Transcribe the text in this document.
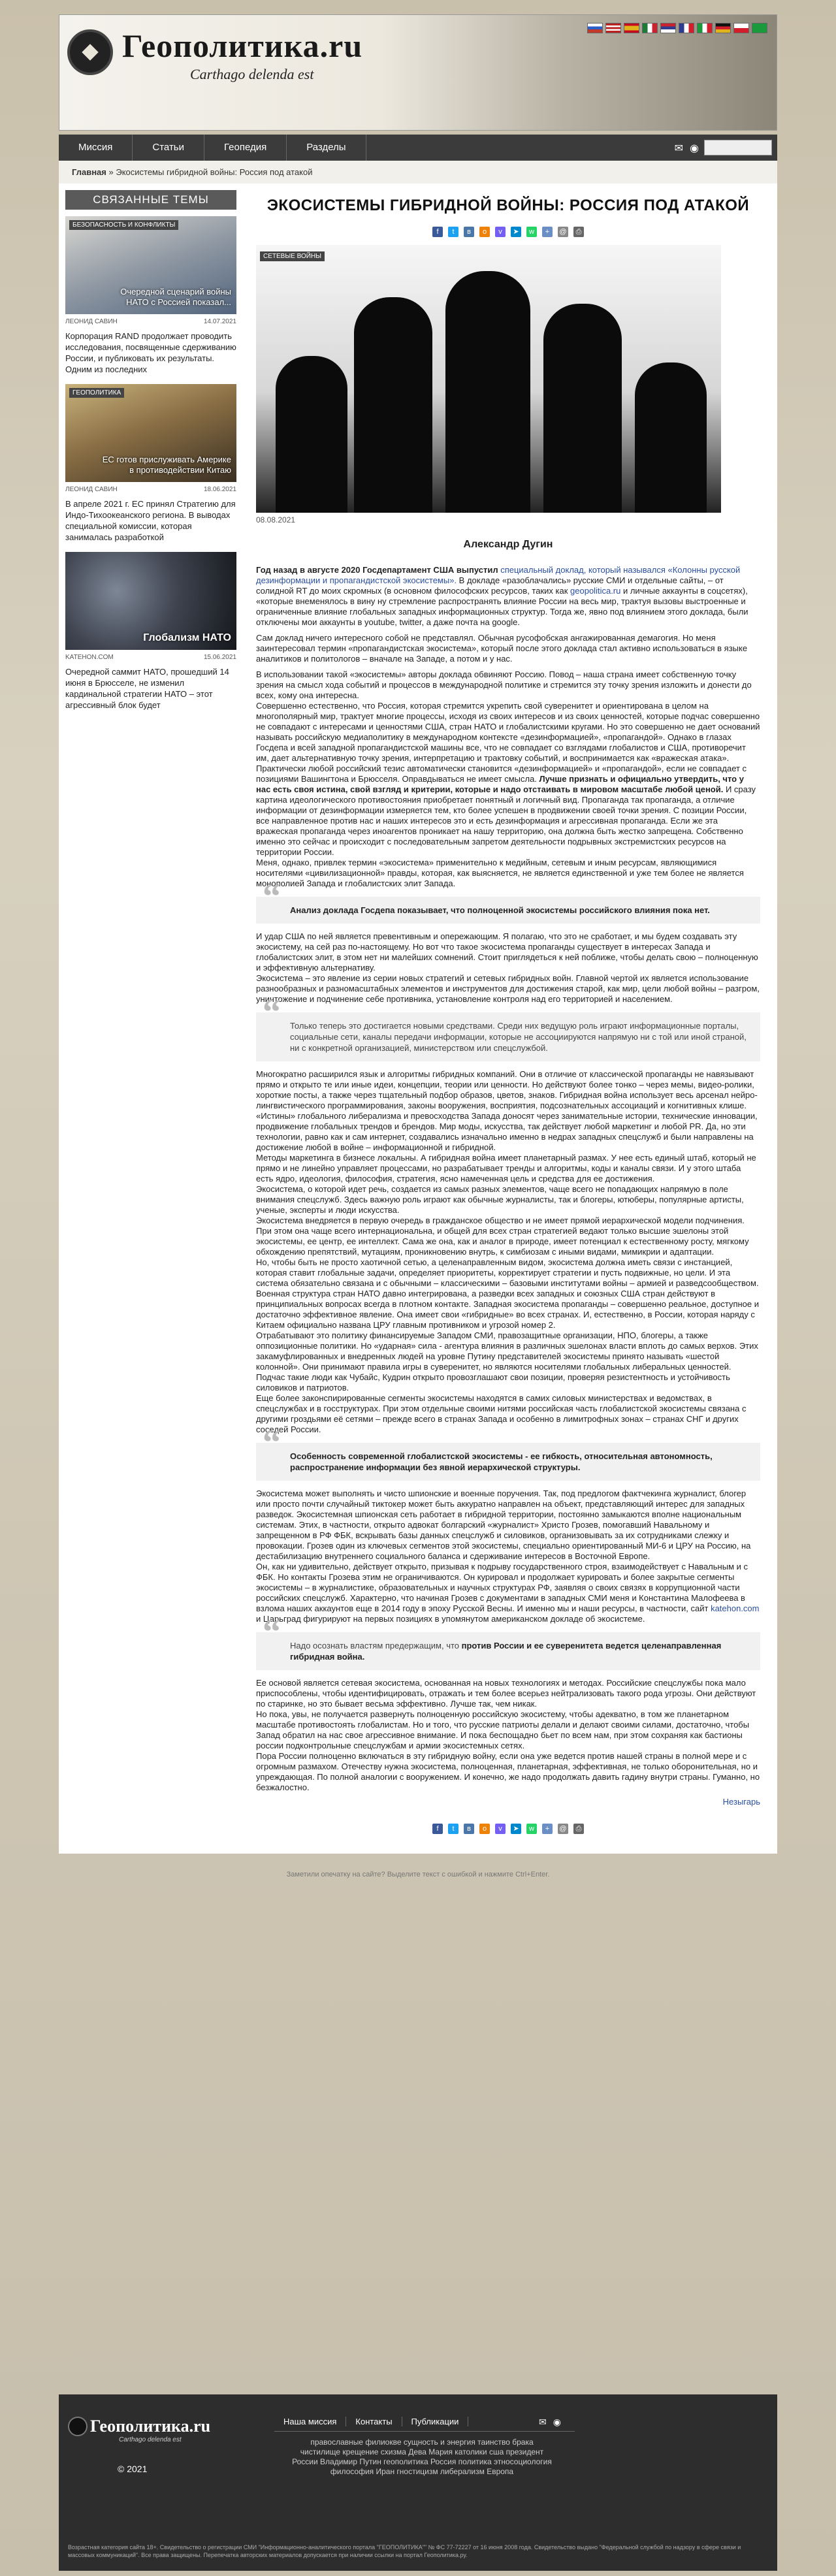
Геополитика.ru
Carthago delenda est
Миссия	Статьи	Геопедия	Разделы	✉ ◉
Главная » Экосистемы гибридной войны: Россия под атакой
СВЯЗАННЫЕ ТЕМЫ
БЕЗОПАСНОСТЬ И КОНФЛИКТЫ
Очередной сценарий войны НАТО с Россией показал...
ЛЕОНИД САВИН	14.07.2021
Корпорация RAND продолжает проводить исследования, посвященные сдерживанию России, и публиковать их результаты. Одним из последних
ГЕОПОЛИТИКА
ЕС готов прислуживать Америке в противодействии Китаю
ЛЕОНИД САВИН	18.06.2021
В апреле 2021 г. ЕС принял Стратегию для Индо-Тихоокеанского региона. В выводах специальной комиссии, которая занималась разработкой
Глобализм НАТО
KATEHON.COM	15.06.2021
Очередной саммит НАТО, прошедший 14 июня в Брюсселе, не изменил кардинальной стратегии НАТО – этот агрессивный блок будет
ЭКОСИСТЕМЫ ГИБРИДНОЙ ВОЙНЫ: РОССИЯ ПОД АТАКОЙ
f	t	в	о	v	➤	w	+	@	⎙
СЕТЕВЫЕ ВОЙНЫ
08.08.2021
Александр Дугин

Год назад в августе 2020 Госдепартамент США выпустил специальный доклад, который назывался «Колонны русской дезинформации и пропагандистской экосистемы». В докладе «разоблачались» русские СМИ и отдельные сайты, – от солидной RT до моих скромных (в основном философских ресурсов, таких как geopolitica.ru и личные аккаунты в соцсетях), «которые внеменялось в вину ну стремление распространять влияние России на весь мир, трактуя вызовы выстроенные и ограниченные влияние глобальных западных информационных структур. Тогда же, явно под влиянием этого доклада, были отключены мои аккаунты в youtube, twitter, а даже почта на google.

Сам доклад ничего интересного собой не представлял. Обычная русофобская ангажированная демагогия. Но меня заинтересовал термин «пропагандистская экосистема», который после этого доклада стал активно использоваться в языке аналитиков и политологов – вначале на Западе, а потом и у нас.

В использовании такой «экосистемы» авторы доклада обвиняют Россию. Повод – наша страна имеет собственную точку зрения на смысл хода событий и процессов в международной политике и стремится эту точку зрения изложить и донести до всех, кому она интересна.

Совершенно естественно, что Россия, которая стремится укрепить свой суверенитет и ориентирована в целом на многополярный мир, трактует многие процессы, исходя из своих интересов и из своих ценностей, которые подчас совершенно не совпадают с интересами и ценностями США, стран НАТО и глобалистскими кругами. Но это совершенно не дает оснований называть российскую медиаполитику в международном контексте «дезинформацией», «пропагандой». Однако в глазах Госдепа и всей западной пропагандистской машины все, что не совпадает со взглядами глобалистов и США, противоречит им, дает альтернативную точку зрения, интерпретацию и трактовку событий, и воспринимается как «вражеская атака».

Практически любой российский тезис автоматически становится «дезинформацией» и «пропагандой», если не совпадает с позициями Вашингтона и Брюсселя. Оправдываться не имеет смысла. Лучше признать и официально утвердить, что у нас есть своя истина, свой взгляд и критерии, которые и надо отстаивать в мировом масштабе любой ценой. И сразу картина идеологического противостояния приобретает понятный и логичный вид. Пропаганда так пропаганда, а отличие информации от дезинформации измеряется тем, кто более успешен в продвижении своей точки зрения. С позиции России, все направленное против нас и наших интересов это и есть дезинформация и агрессивная пропаганда. Если же эта вражеская пропаганда через иноагентов проникает на нашу территорию, она должна быть жестко запрещена. Собственно именно это сейчас и происходит с последовательным запретом деятельности подрывных экстремистских ресурсов на территории России.

Меня, однако, привлек термин «экосистема» применительно к медийным, сетевым и иным ресурсам, являющимися носителями «цивилизационной» правды, которая, как выясняется, не является единственной и уже тем более не является монополией Запада и глобалистских элит Запада.

“ Анализ доклада Госдепа показывает, что полноценной экосистемы российского влияния пока нет.

И удар США по ней является превентивным и опережающим. Я полагаю, что это не сработает, и мы будем создавать эту экосистему, на сей раз по-настоящему. Но вот что такое экосистема пропаганды существует в интересах Запада и глобалистских элит, в этом нет ни малейших сомнений. Стоит приглядеться к ней поближе, чтобы делать свою – полноценную и эффективную альтернативу.

Экосистема – это явление из серии новых стратегий и сетевых гибридных войн. Главной чертой их является использование разнообразных и разномасштабных элементов и инструментов для достижения старой, как мир, цели любой войны – разгром, уничтожение и подчинение себе противника, установление контроля над его территорией и населением.

“ Только теперь это достигается новыми средствами. Среди них ведущую роль играют информационные порталы, социальные сети, каналы передачи информации, которые не ассоциируются напрямую ни с той или иной страной, ни с конкретной организацией, министерством или спецслужбой.

Многократно расширился язык и алгоритмы гибридных компаний. Они в отличие от классической пропаганды не навязывают прямо и открыто те или иные идеи, концепции, теории или ценности. Но действуют более тонко – через мемы, видео-ролики, хороткие посты, а также через тщательный подбор образов, цветов, знаков. Гибридная война использует весь арсенал нейро-лингвистического программирования, законы вооружения, восприятия, подсознательных ассоциаций и когнитивных клише.

«Истины» глобального либерализма и превосходства Запада доносят через занимательные истории, технические инновации, продвижение глобальных трендов и брендов. Мир моды, искусства, так действует любой маркетинг и любой PR. Да, но эти технологии, равно как и сам интернет, создавались изначально именно в недрах западных спецслужб и были направлены на достижение любой в войне – информационной и гибридной.

Методы маркетинга в бизнесе локальны. А гибридная война имеет планетарный размах. У нее есть единый штаб, который не прямо и не линейно управляет процессами, но разрабатывает тренды и алгоритмы, коды и каналы связи. И у этого штаба есть ядро, идеология, философия, стратегия, ясно намеченная цель и средства для ее достижения.

Экосистема, о которой идет речь, создается из самых разных элементов, чаще всего не попадающих напрямую в поле внимания спецслужб. Здесь важную роль играют как обычные журналисты, так и блогеры, ютюберы, популярные артисты, ученые, эксперты и люди искусства.

Экосистема внедряется в первую очередь в гражданское общество и не имеет прямой иерархической модели подчинения. При этом она чаще всего интернациональна, и общей для всех стран стратегией ведают только высшие эшелоны этой экосистемы, ее центр, ее интеллект. Сама же она, как и аналог в природе, имеет потенциал к естественному росту, мягкому обхождению препятствий, мутациям, проникновению внутрь, к симбиозам с иными видами, мимикрии и адаптации.

Но, чтобы быть не просто хаотичной сетью, а целенаправленным видом, экосистема должна иметь связи с инстанцией, которая ставит глобальные задачи, определяет приоритеты, корректирует стратегии и пусть подвижные, но цели. И эта система обязательно связана и с обычными – классическими – базовыми институтами войны – армией и разведсообществом.

Военная структура стран НАТО давно интегрирована, а разведки всех западных и союзных США стран действуют в принципиальных вопросах всегда в плотном контакте. Западная экосистема пропаганды – совершенно реальное, доступное и достаточно эффективное явление. Она имеет свои «гибридные» во всех странах. И, естественно, в России, которая наряду с Китаем официально названа ЦРУ главным противником и угрозой номер 2.

Отрабатывают это политику финансируемые Западом СМИ, правозащитные организации, НПО, блогеры, а также оппозиционные политики. Но «ударная» сила - агентура влияния в различных эшелонах власти вплоть до самых верхов. Этих закамуфлированных и внедренных людей на уровне Путину представителей экосистемы принято называть «шестой колонной». Они принимают правила игры в суверенитет, но являются носителями глобальных либеральных ценностей. Подчас такие люди как Чубайс, Кудрин открыто провозглашают свои позиции, проверяя резистентность и устойчивость силовиков и патриотов.

Еще более законспирированные сегменты экосистемы находятся в самих силовых министерствах и ведомствах, в спецслужбах и в госструктурах. При этом отдельные своими нитями российская часть глобалистской экосистемы связана с другими гроздьями её сетями – прежде всего в странах Запада и особенно в лимитрофных зонах – странах СНГ и других соседей России.

“ Особенность современной глобалистской экосистемы - ее гибкость, относительная автономность, распространение информации без явной иерархической структуры.

Экосистема может выполнять и чисто шпионские и военные поручения. Так, под предлогом фактчекинга журналист, блогер или просто почти случайный тиктокер может быть аккуратно направлен на объект, представляющий интерес для западных разведок. Экосистемная шпионская сеть работает в гибридной территории, постоянно замыкаются вполне национальным системам. Этих, в частности, открыто адвокат болгарский «журналист» Христо Грозев, помогавший Навальному и запрещенном в РФ ФБК, вскрывать базы данных спецслужб и силовиков, организовывать за их сотрудниками слежку и провокации. Грозев один из ключевых сегментов этой экосистемы, специально ориентированный МИ-6 и ЦРУ на Россию, на дестабилизацию внутреннего социального баланса и сдерживание интересов в Восточной Европе.

Он, как ни удивительно, действует открыто, призывая к подрыву государственного строя, взаимодействует с Навальным и с ФБК. Но контакты Грозева этим не ограничиваются. Он курировал и продолжает курировать и более закрытые сегменты экосистемы – в журналистике, образовательных и научных структурах РФ, заявляя о своих связях в коррупционной части российских спецслужб. Характерно, что начиная Грозев с документами в западных СМИ меня и Константина Малофеева в взлома наших аккаунтов еще в 2014 году в эпоху Русской Весны. И именно мы и наши ресурсы, в частности, сайт katehon.com и Царьград фигурируют на первых позициях в упомянутом американском докладе об экосистеме.

“ Надо осознать властям предержащим, что против России и ее суверенитета ведется целенаправленная гибридная война.

Ее основой является сетевая экосистема, основанная на новых технологиях и методах. Российские спецслужбы пока мало приспособлены, чтобы идентифицировать, отражать и тем более всерьез нейтрализовать такого рода угрозы. Они действуют по старинке, но это бывает весьма эффективно. Лучше так, чем никак.

Но пока, увы, не получается развернуть полноценную российскую экосистему, чтобы адекватно, в том же планетарном масштабе противостоять глобалистам. Но и того, что русские патриоты делали и делают своими силами, достаточно, чтобы Запад обратил на нас свое агрессивное внимание. И пока беспощадно бьет по всем нам, при этом сохраняя как бастионы россии подконтрольные спецслужбам и армии экосистемных сетях.

Пора России полноценно включаться в эту гибридную войну, если она уже ведется против нашей страны в полной мере и с огромным размахом. Отечеству нужна экосистема, полноценная, планетарная, эффективная, не только оборонительная, но и упреждающая. По полной аналогии с вооружением. И конечно, же надо продолжать давить гадину внутри страны. Гуманно, но безжалостно.

Незыгарь
f	t	в	о	v	➤	w	+	@	⎙
Заметили опечатку на сайте? Выделите текст с ошибкой и нажмите Ctrl+Enter.
Геополитика.ru
Carthago delenda est
© 2021
Наша миссия	Контакты	Публикации	✉ ◉
православные филиокве сущность и энергия таинство брака чистилище крещение схизма Дева Мария католики сша президент России Владимир Путин геополитика Россия политика этносоциология философия Иран гностицизм либерализм Европа
Возрастная категория сайта 18+. Свидетельство о регистрации СМИ "Информационно-аналитического портала "ГЕОПОЛИТИКА"" № ФС 77-72227 от 16 июня 2008 года. Свидетельство выдано "Федеральной службой по надзору в сфере связи и массовых коммуникаций". Все права защищены. Перепечатка авторских материалов допускается при наличии ссылки на портал Геополитика.ру.
